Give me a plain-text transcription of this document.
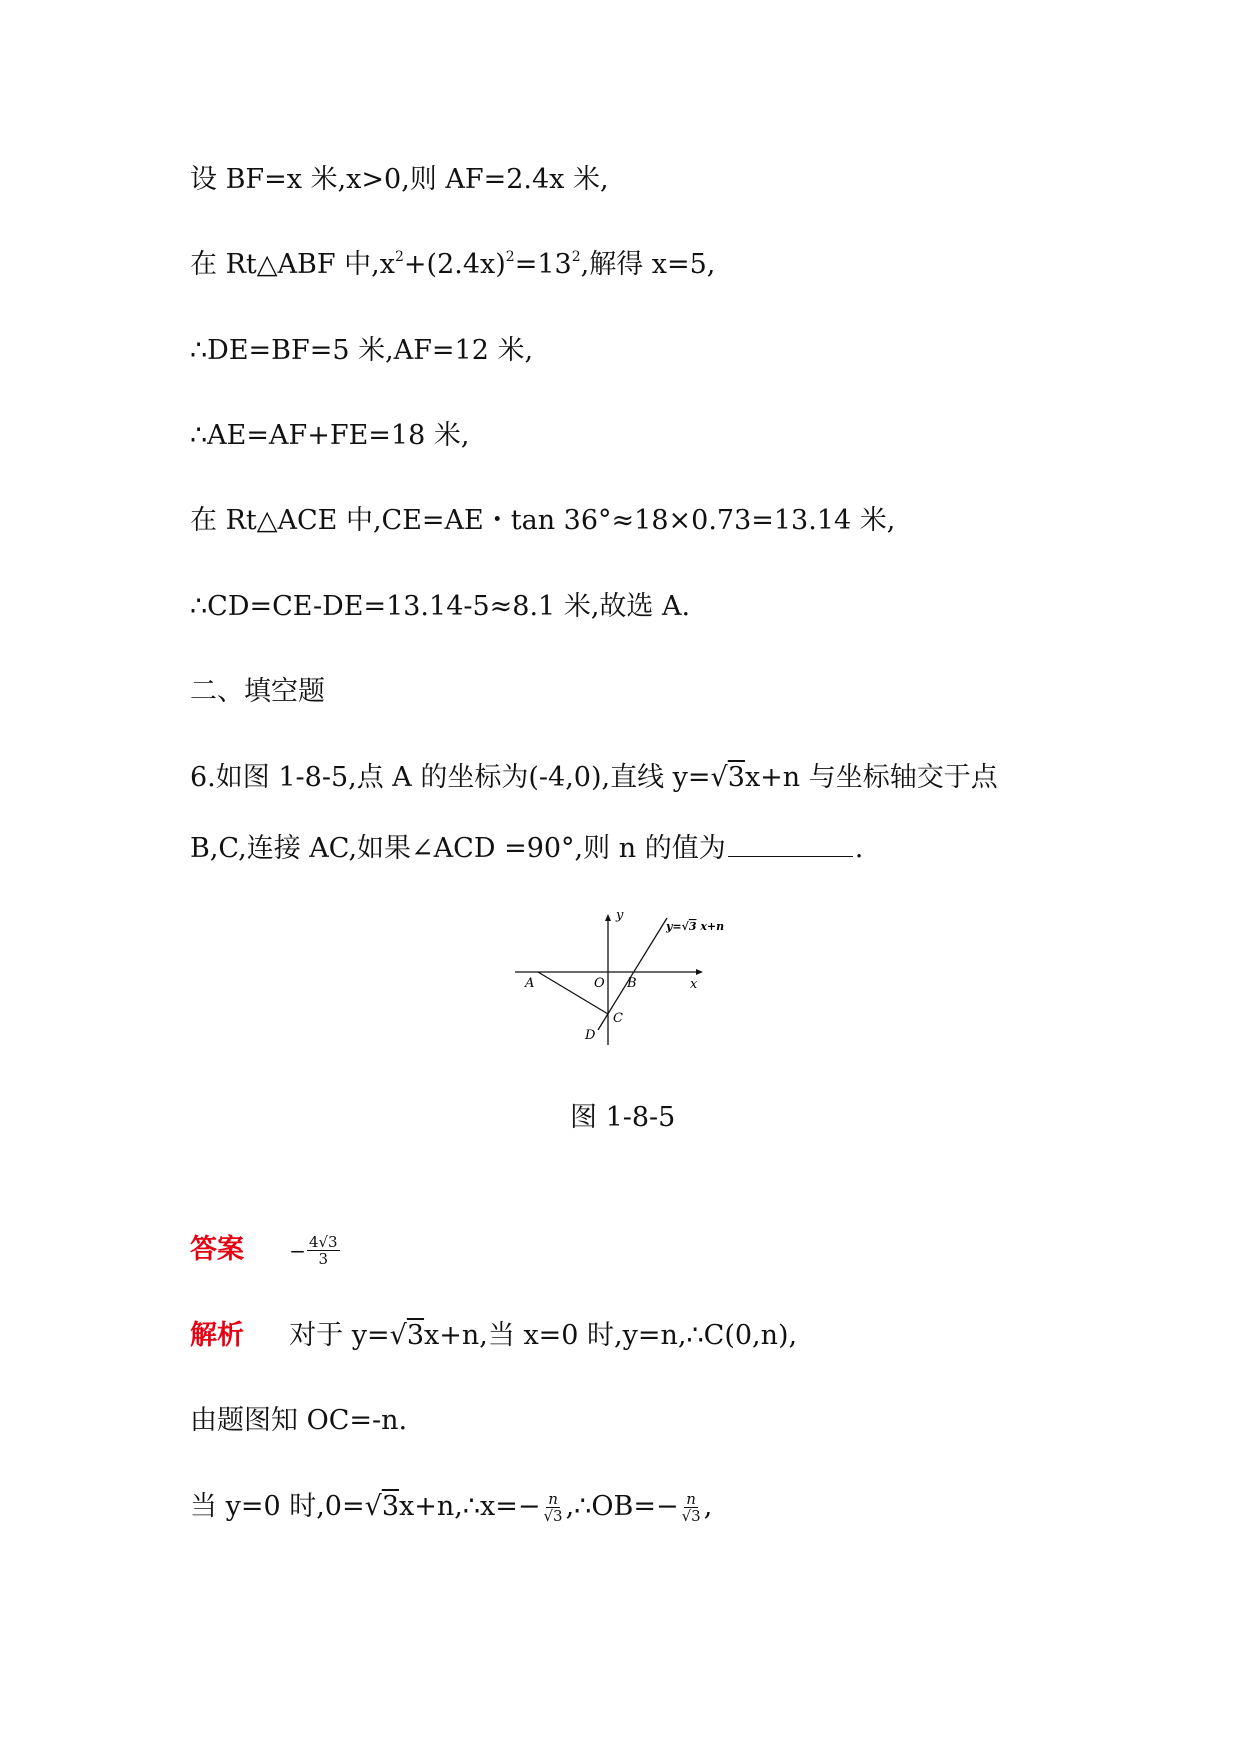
设 BF=x 米,x>0,则 AF=2.4x 米,
在 Rt△ABF 中$,x^2+(2.4x)^2=13^2$,解得 x=5,
∴DE=BF=5 米,AF=12 米,
∴AE=AF+FE=18 米,
在 Rt△ACE 中,CE=AE・tan 36°≈18×0.73=13.14 米,
∴CD=CE-DE=13.14-5≈8.1 米,故选 A.
二、填空题
6.如图 1-8-5,点 A 的坐标为(-4,0),直线 y=√3x+n 与坐标轴交于点
B,C,连接 AC,如果∠ACD =90°,则 n 的值为	.
y
x
A	O B
C
D
y=√3 x+n
图 1-8-5
答案 − $\frac{4√3}{3}$
解析 对于 y=√3x+n,当 x=0 时,y=n,∴C(0,n),
由题图知 OC=-n.
当 y=0 时,0=√3x+n,∴x=− $\frac{n}{√3}$ ,∴OB=− $\frac{n}{√3}$ ,
